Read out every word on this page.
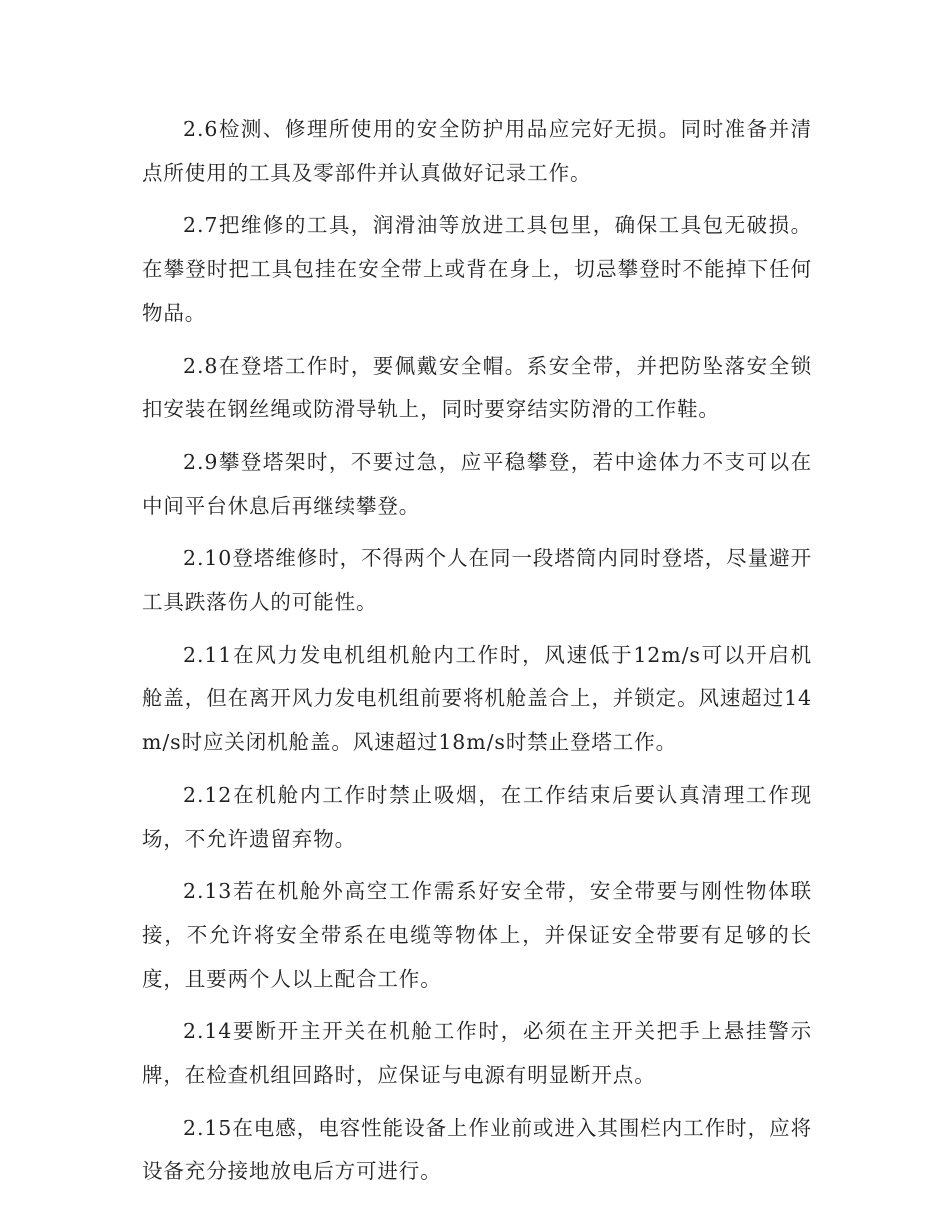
2.6检测、修理所使用的安全防护用品应完好无损。同时准备并清点所使用的工具及零部件并认真做好记录工作。

2.7把维修的工具，润滑油等放进工具包里，确保工具包无破损。在攀登时把工具包挂在安全带上或背在身上，切忌攀登时不能掉下任何物品。

2.8在登塔工作时，要佩戴安全帽。系安全带，并把防坠落安全锁扣安装在钢丝绳或防滑导轨上，同时要穿结实防滑的工作鞋。

2.9攀登塔架时，不要过急，应平稳攀登，若中途体力不支可以在中间平台休息后再继续攀登。

2.10登塔维修时，不得两个人在同一段塔筒内同时登塔，尽量避开工具跌落伤人的可能性。

2.11在风力发电机组机舱内工作时，风速低于12m/s可以开启机舱盖，但在离开风力发电机组前要将机舱盖合上，并锁定。风速超过14m/s时应关闭机舱盖。风速超过18m/s时禁止登塔工作。

2.12在机舱内工作时禁止吸烟，在工作结束后要认真清理工作现场，不允许遗留弃物。

2.13若在机舱外高空工作需系好安全带，安全带要与刚性物体联接，不允许将安全带系在电缆等物体上，并保证安全带要有足够的长度，且要两个人以上配合工作。

2.14要断开主开关在机舱工作时，必须在主开关把手上悬挂警示牌，在检查机组回路时，应保证与电源有明显断开点。

2.15在电感，电容性能设备上作业前或进入其围栏内工作时，应将设备充分接地放电后方可进行。
